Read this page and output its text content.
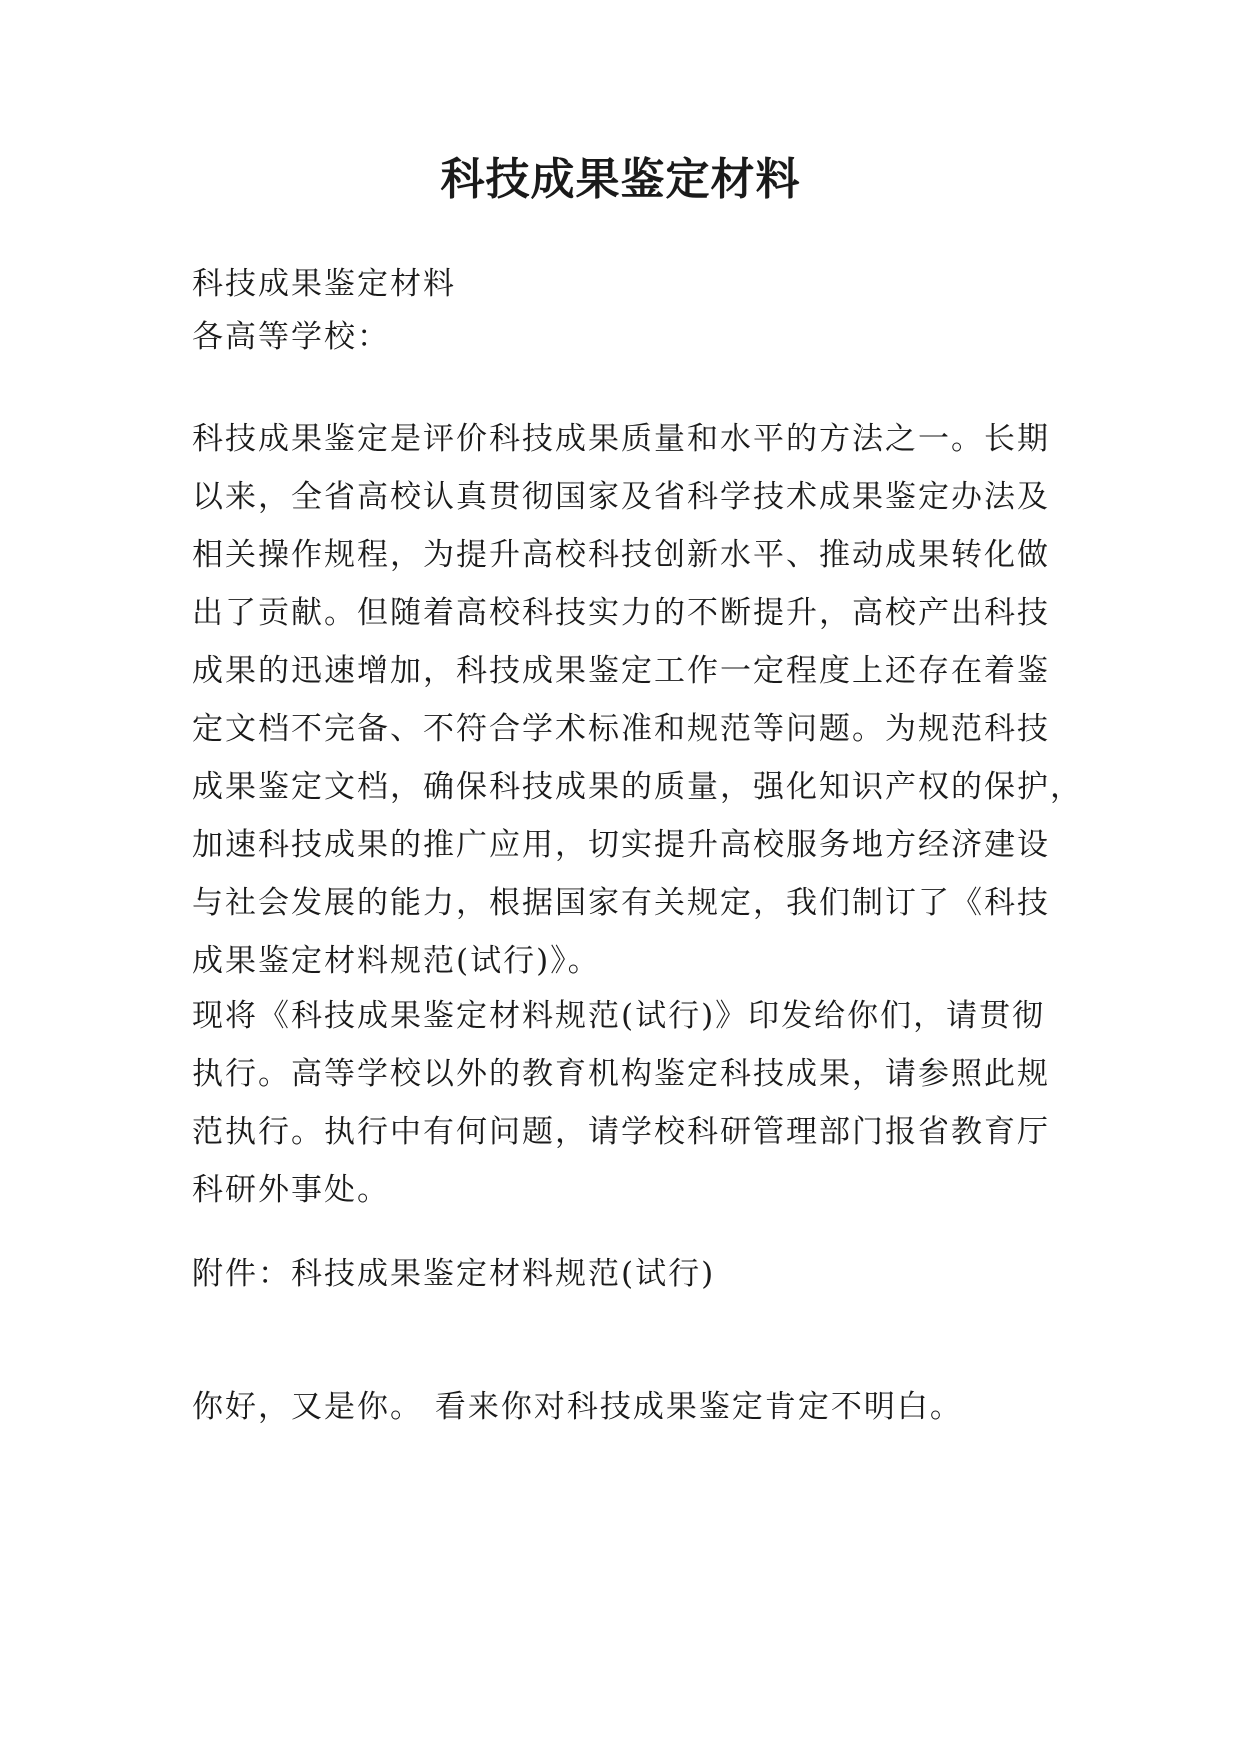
科技成果鉴定材料
科技成果鉴定材料
各高等学校：
科技成果鉴定是评价科技成果质量和水平的方法之一。长期
以来，全省高校认真贯彻国家及省科学技术成果鉴定办法及
相关操作规程，为提升高校科技创新水平、推动成果转化做
出了贡献。但随着高校科技实力的不断提升，高校产出科技
成果的迅速增加，科技成果鉴定工作一定程度上还存在着鉴
定文档不完备、不符合学术标准和规范等问题。为规范科技
成果鉴定文档，确保科技成果的质量，强化知识产权的保护，
加速科技成果的推广应用，切实提升高校服务地方经济建设
与社会发展的能力，根据国家有关规定，我们制订了《科技
成果鉴定材料规范(试行)》。
现将《科技成果鉴定材料规范(试行)》印发给你们，请贯彻
执行。高等学校以外的教育机构鉴定科技成果，请参照此规
范执行。执行中有何问题，请学校科研管理部门报省教育厅
科研外事处。
附件：科技成果鉴定材料规范(试行)
你好，又是你。 看来你对科技成果鉴定肯定不明白。
